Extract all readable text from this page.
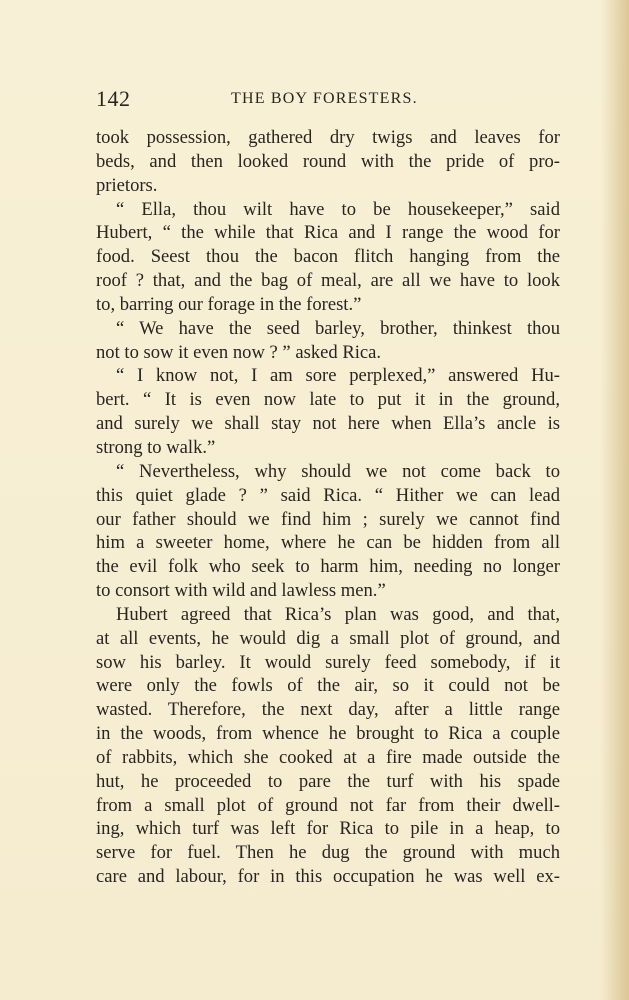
142	THE BOY FORESTERS.
took possession, gathered dry twigs and leaves for
beds, and then looked round with the pride of pro-
prietors.
“ Ella, thou wilt have to be housekeeper,” said
Hubert, “ the while that Rica and I range the wood for
food. Seest thou the bacon flitch hanging from the
roof ? that, and the bag of meal, are all we have to look
to, barring our forage in the forest.”
“ We have the seed barley, brother, thinkest thou
not to sow it even now ? ” asked Rica.
“ I know not, I am sore perplexed,” answered Hu-
bert. “ It is even now late to put it in the ground,
and surely we shall stay not here when Ella’s ancle is
strong to walk.”
“ Nevertheless, why should we not come back to
this quiet glade ? ” said Rica. “ Hither we can lead
our father should we find him ; surely we cannot find
him a sweeter home, where he can be hidden from all
the evil folk who seek to harm him, needing no longer
to consort with wild and lawless men.”
Hubert agreed that Rica’s plan was good, and that,
at all events, he would dig a small plot of ground, and
sow his barley. It would surely feed somebody, if it
were only the fowls of the air, so it could not be
wasted. Therefore, the next day, after a little range
in the woods, from whence he brought to Rica a couple
of rabbits, which she cooked at a fire made outside the
hut, he proceeded to pare the turf with his spade
from a small plot of ground not far from their dwell-
ing, which turf was left for Rica to pile in a heap, to
serve for fuel. Then he dug the ground with much
care and labour, for in this occupation he was well ex-
